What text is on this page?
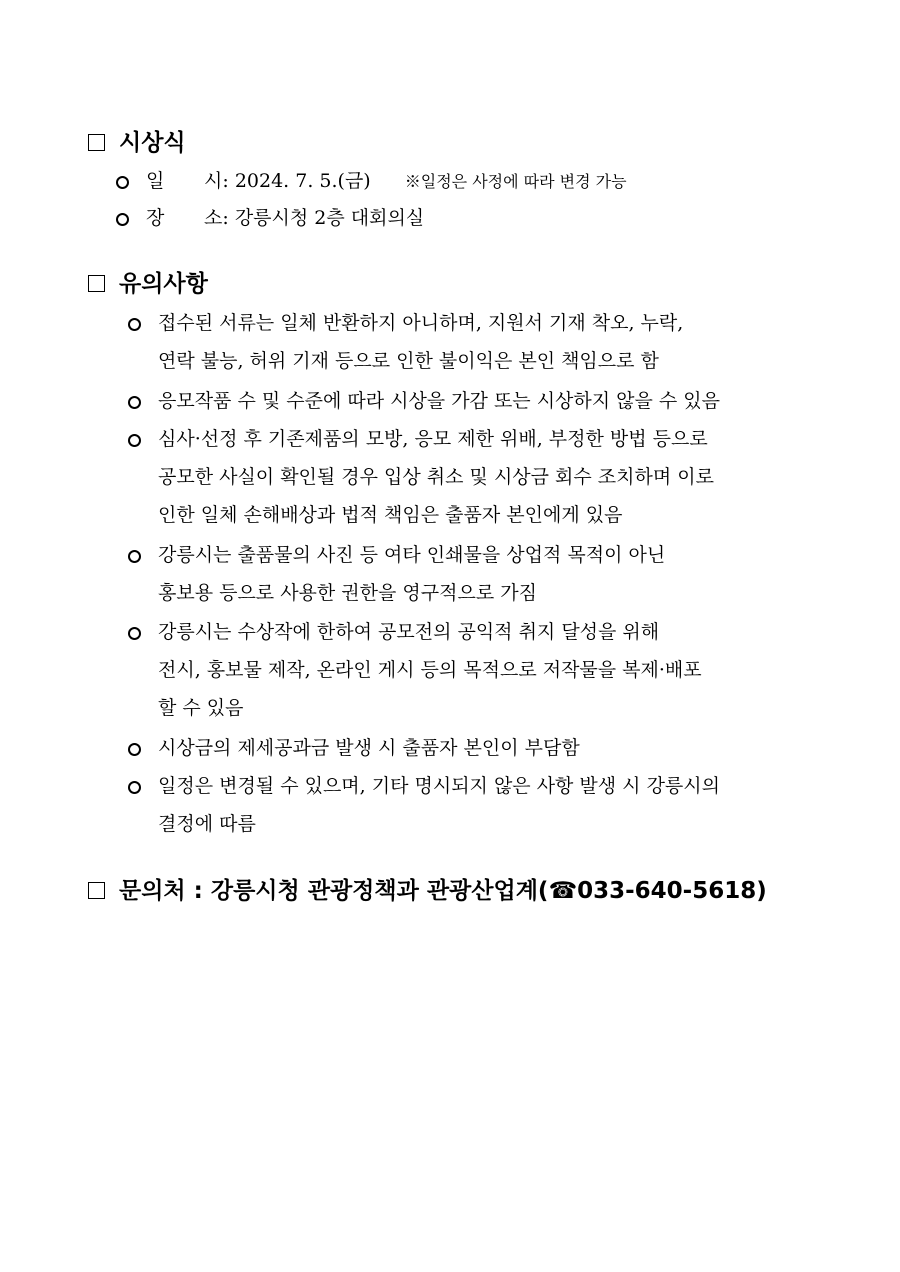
시상식
일 시: 2024. 7. 5.(금) ※일정은 사정에 따라 변경 가능
장 소: 강릉시청 2층 대회의실
유의사항
접수된 서류는 일체 반환하지 아니하며, 지원서 기재 착오, 누락,
연락 불능, 허위 기재 등으로 인한 불이익은 본인 책임으로 함
응모작품 수 및 수준에 따라 시상을 가감 또는 시상하지 않을 수 있음
심사·선정 후 기존제품의 모방, 응모 제한 위배, 부정한 방법 등으로
공모한 사실이 확인될 경우 입상 취소 및 시상금 회수 조치하며 이로
인한 일체 손해배상과 법적 책임은 출품자 본인에게 있음
강릉시는 출품물의 사진 등 여타 인쇄물을 상업적 목적이 아닌
홍보용 등으로 사용한 권한을 영구적으로 가짐
강릉시는 수상작에 한하여 공모전의 공익적 취지 달성을 위해
전시, 홍보물 제작, 온라인 게시 등의 목적으로 저작물을 복제·배포
할 수 있음
시상금의 제세공과금 발생 시 출품자 본인이 부담함
일정은 변경될 수 있으며, 기타 명시되지 않은 사항 발생 시 강릉시의
결정에 따름
문의처 : 강릉시청 관광정책과 관광산업계(☎033-640-5618)
